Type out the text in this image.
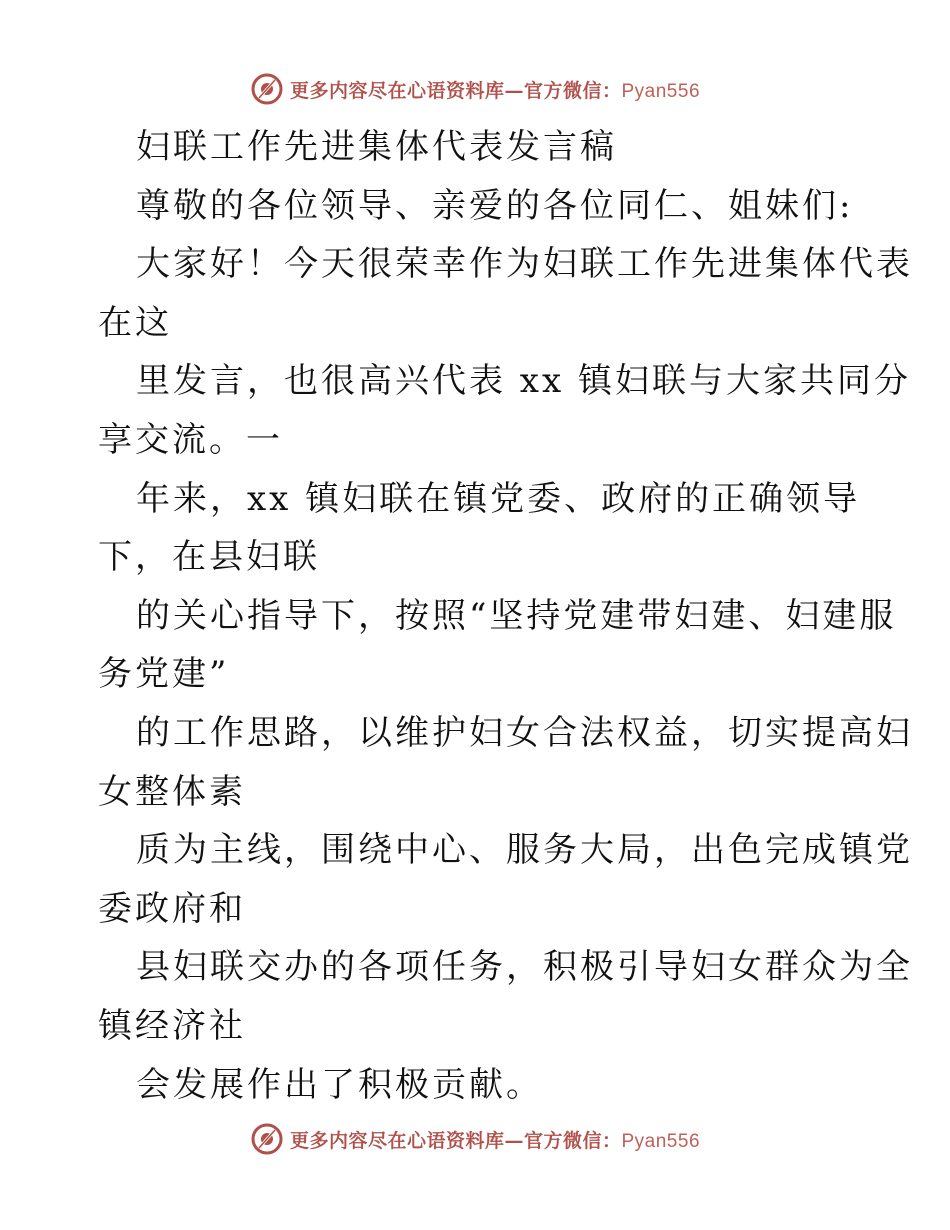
更多内容尽在心语资料库—官方微信：Pyan556
妇联工作先进集体代表发言稿
尊敬的各位领导、亲爱的各位同仁、姐妹们:
大家好！今天很荣幸作为妇联工作先进集体代表
在这
里发言，也很高兴代表 xx 镇妇联与大家共同分
享交流。一
年来，xx 镇妇联在镇党委、政府的正确领导
下，在县妇联
的关心指导下，按照“坚持党建带妇建、妇建服
务党建”
的工作思路，以维护妇女合法权益，切实提高妇
女整体素
质为主线，围绕中心、服务大局，出色完成镇党
委政府和
县妇联交办的各项任务，积极引导妇女群众为全
镇经济社
会发展作出了积极贡献。
更多内容尽在心语资料库—官方微信：Pyan556
